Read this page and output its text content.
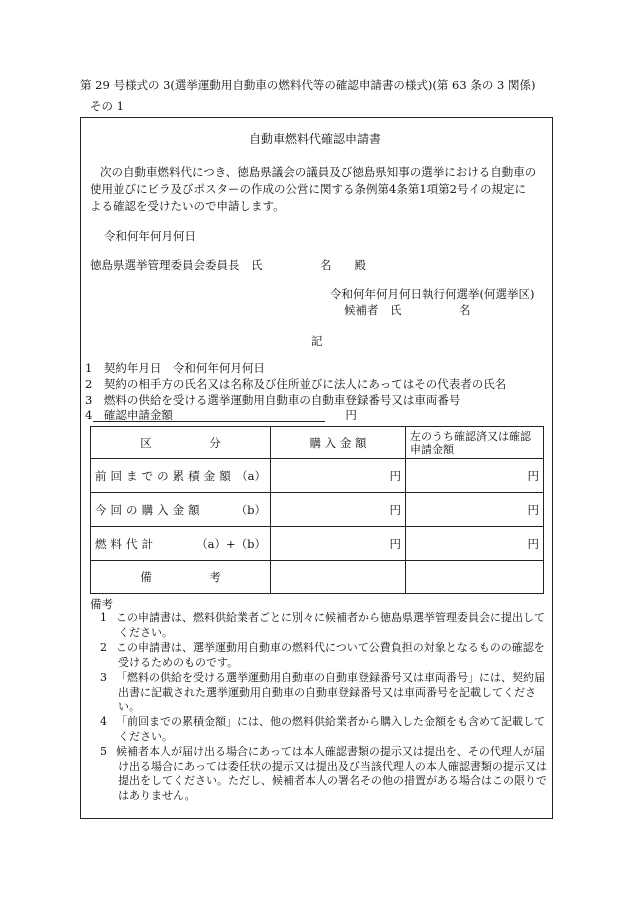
第 29 号様式の 3(選挙運動用自動車の燃料代等の確認申請書の様式)(第 63 条の 3 関係)
その 1
自動車燃料代確認申請書
次の自動車燃料代につき、徳島県議会の議員及び徳島県知事の選挙における自動車の
使用並びにビラ及びポスターの作成の公営に関する条例第4条第1項第2号イの規定に
よる確認を受けたいので申請します。
令和何年何月何日
徳島県選挙管理委員会委員長　氏　　　　　名　　殿
令和何年何月何日執行何選挙(何選挙区)
候補者　氏　　　　　名
記
1　契約年月日　令和何年何月何日
2　契約の相手方の氏名又は名称及び住所並びに法人にあってはその代表者の氏名
3　燃料の供給を受ける選挙運動用自動車の自動車登録番号又は車両番号
4　確認申請金額　　　　　　　　　　　　　　　円
区　　　　　分	購 入 金 額	左のうち確認済又は確認申請金額
前回までの累積金額 （a）	円	円
今回の購入金額 （b）	円	円
燃料代計 （a）+（b）	円	円
備　　　　　考		
備考
1 この申請書は、燃料供給業者ごとに別々に候補者から徳島県選挙管理委員会に提出してください。
2 この申請書は、選挙運動用自動車の燃料代について公費負担の対象となるものの確認を受けるためのものです。
3 「燃料の供給を受ける選挙運動用自動車の自動車登録番号又は車両番号」には、契約届出書に記載された選挙運動用自動車の自動車登録番号又は車両番号を記載してください。
4 「前回までの累積金額」には、他の燃料供給業者から購入した金額をも含めて記載してください。
5 候補者本人が届け出る場合にあっては本人確認書類の提示又は提出を、その代理人が届け出る場合にあっては委任状の提示又は提出及び当該代理人の本人確認書類の提示又は提出をしてください。ただし、候補者本人の署名その他の措置がある場合はこの限りではありません。
